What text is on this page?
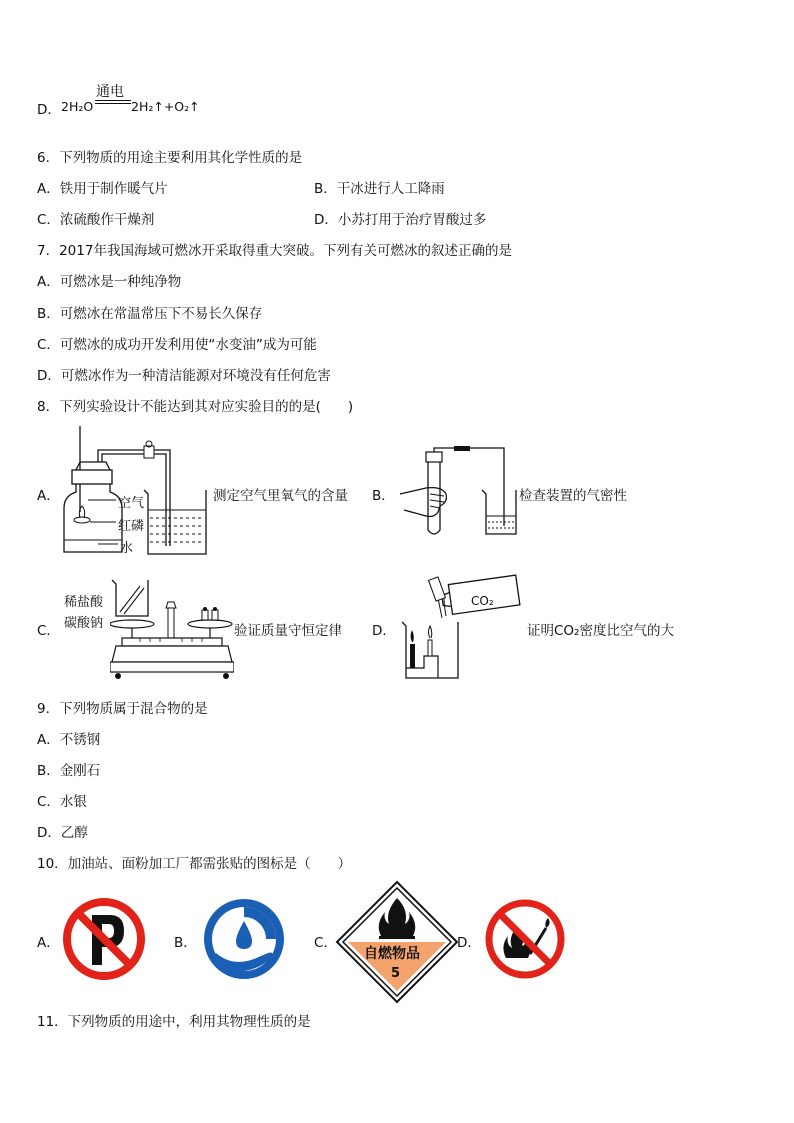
D． 2H₂O
通电
2H₂↑+O₂↑
6．下列物质的用途主要利用其化学性质的是
A．铁用于制作暖气片	B．干冰进行人工降雨
C．浓硫酸作干燥剂	D．小苏打用于治疗胃酸过多
7．2017年我国海域可燃冰开采取得重大突破。下列有关可燃冰的叙述正确的是
A．可燃冰是一种纯净物
B．可燃冰在常温常压下不易长久保存
C．可燃冰的成功开发利用使“水变油”成为可能
D．可燃冰作为一种清洁能源对环境没有任何危害
8．下列实验设计不能达到其对应实验目的的是(　　)
A．	空气
红磷
水
测定空气里氧气的含量 B．	检查装置的气密性
C．
稀盐酸
碳酸钠	验证质量守恒定律 D．
CO₂
证明CO₂密度比空气的大
9．下列物质属于混合物的是
A．不锈钢
B．金刚石
C．水银
D．乙醇
10．加油站、面粉加工厂都需张贴的图标是（　　）
A．	B．	C．
自燃物品
5
D．
11．下列物质的用途中，利用其物理性质的是
